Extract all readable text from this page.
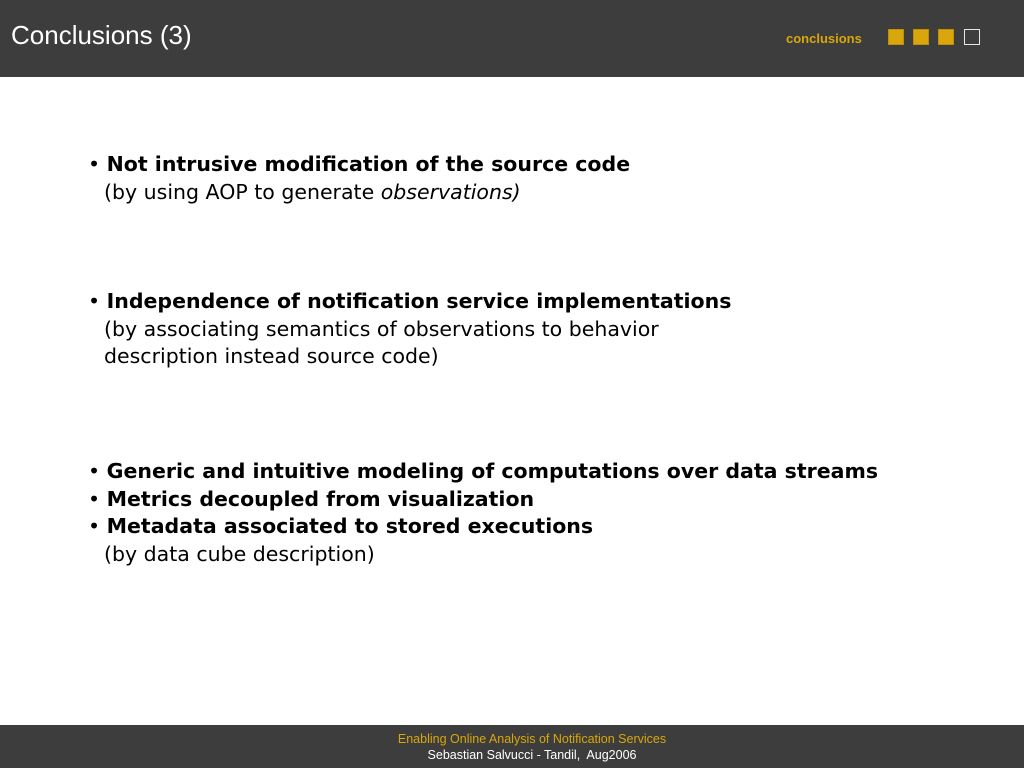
Conclusions (3)	conclusions
• Not intrusive modification of the source code
(by using AOP to generate observations)
• Independence of notification service implementations
(by associating semantics of observations to behavior
description instead source code)
• Generic and intuitive modeling of computations over data streams
• Metrics decoupled from visualization
• Metadata associated to stored executions
(by data cube description)
Enabling Online Analysis of Notification Services
Sebastian Salvucci - Tandil,  Aug2006
